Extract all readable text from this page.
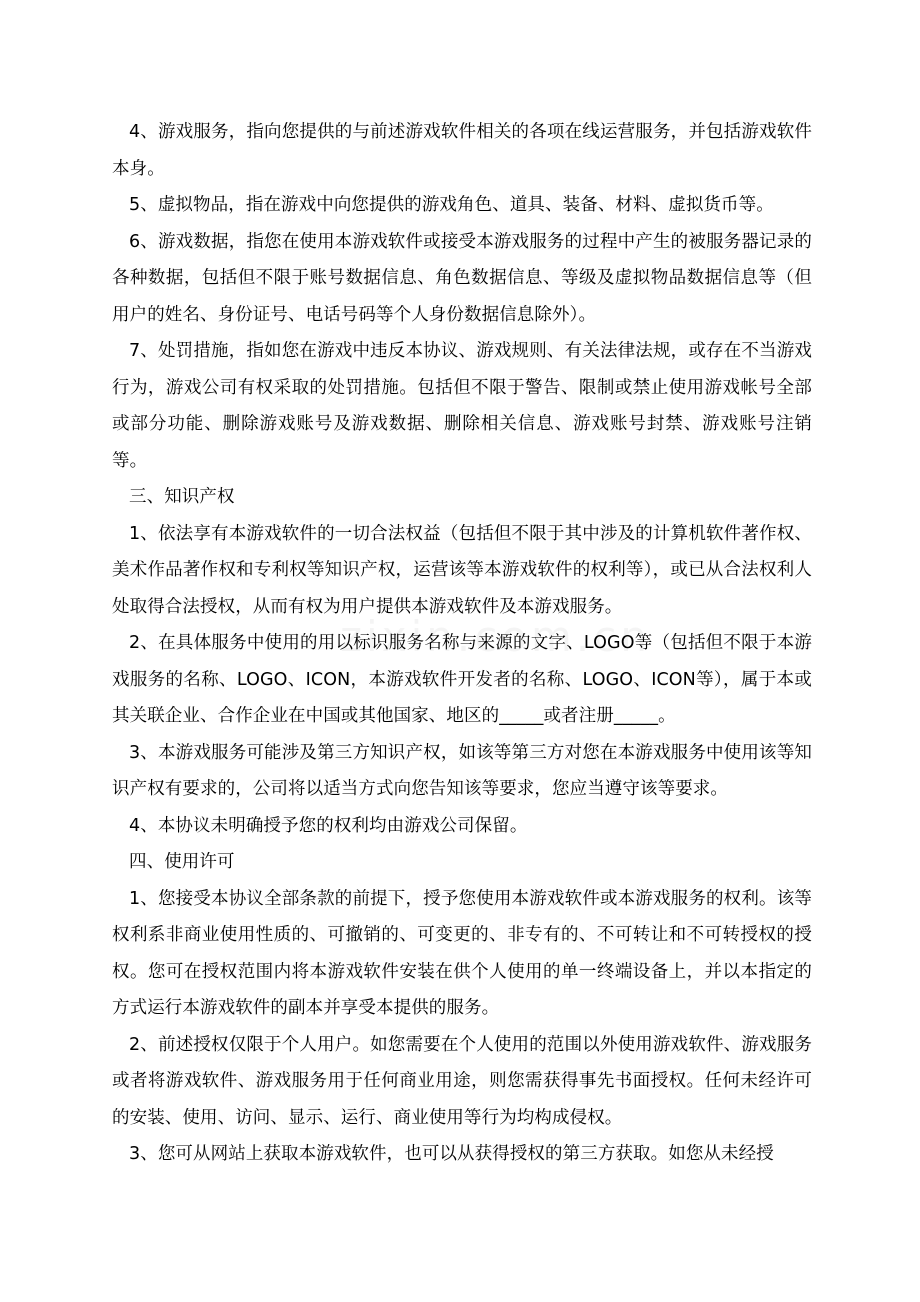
4、游戏服务，指向您提供的与前述游戏软件相关的各项在线运营服务，并包括游戏软件本身。

5、虚拟物品，指在游戏中向您提供的游戏角色、道具、装备、材料、虚拟货币等。

6、游戏数据，指您在使用本游戏软件或接受本游戏服务的过程中产生的被服务器记录的各种数据，包括但不限于账号数据信息、角色数据信息、等级及虚拟物品数据信息等（但用户的姓名、身份证号、电话号码等个人身份数据信息除外）。

7、处罚措施，指如您在游戏中违反本协议、游戏规则、有关法律法规，或存在不当游戏行为，游戏公司有权采取的处罚措施。包括但不限于警告、限制或禁止使用游戏帐号全部或部分功能、删除游戏账号及游戏数据、删除相关信息、游戏账号封禁、游戏账号注销等。

三、知识产权

1、依法享有本游戏软件的一切合法权益（包括但不限于其中涉及的计算机软件著作权、美术作品著作权和专利权等知识产权，运营该等本游戏软件的权利等），或已从合法权利人处取得合法授权，从而有权为用户提供本游戏软件及本游戏服务。

2、在具体服务中使用的用以标识服务名称与来源的文字、LOGO等（包括但不限于本游戏服务的名称、LOGO、ICON，本游戏软件开发者的名称、LOGO、ICON等），属于本或其关联企业、合作企业在中国或其他国家、地区的_____或者注册_____。

3、本游戏服务可能涉及第三方知识产权，如该等第三方对您在本游戏服务中使用该等知识产权有要求的，公司将以适当方式向您告知该等要求，您应当遵守该等要求。

4、本协议未明确授予您的权利均由游戏公司保留。

四、使用许可

1、您接受本协议全部条款的前提下，授予您使用本游戏软件或本游戏服务的权利。该等权利系非商业使用性质的、可撤销的、可变更的、非专有的、不可转让和不可转授权的授权。您可在授权范围内将本游戏软件安装在供个人使用的单一终端设备上，并以本指定的方式运行本游戏软件的副本并享受本提供的服务。

2、前述授权仅限于个人用户。如您需要在个人使用的范围以外使用游戏软件、游戏服务或者将游戏软件、游戏服务用于任何商业用途，则您需获得事先书面授权。任何未经许可的安装、使用、访问、显示、运行、商业使用等行为均构成侵权。

3、您可从网站上获取本游戏软件，也可以从获得授权的第三方获取。如您从未经授
